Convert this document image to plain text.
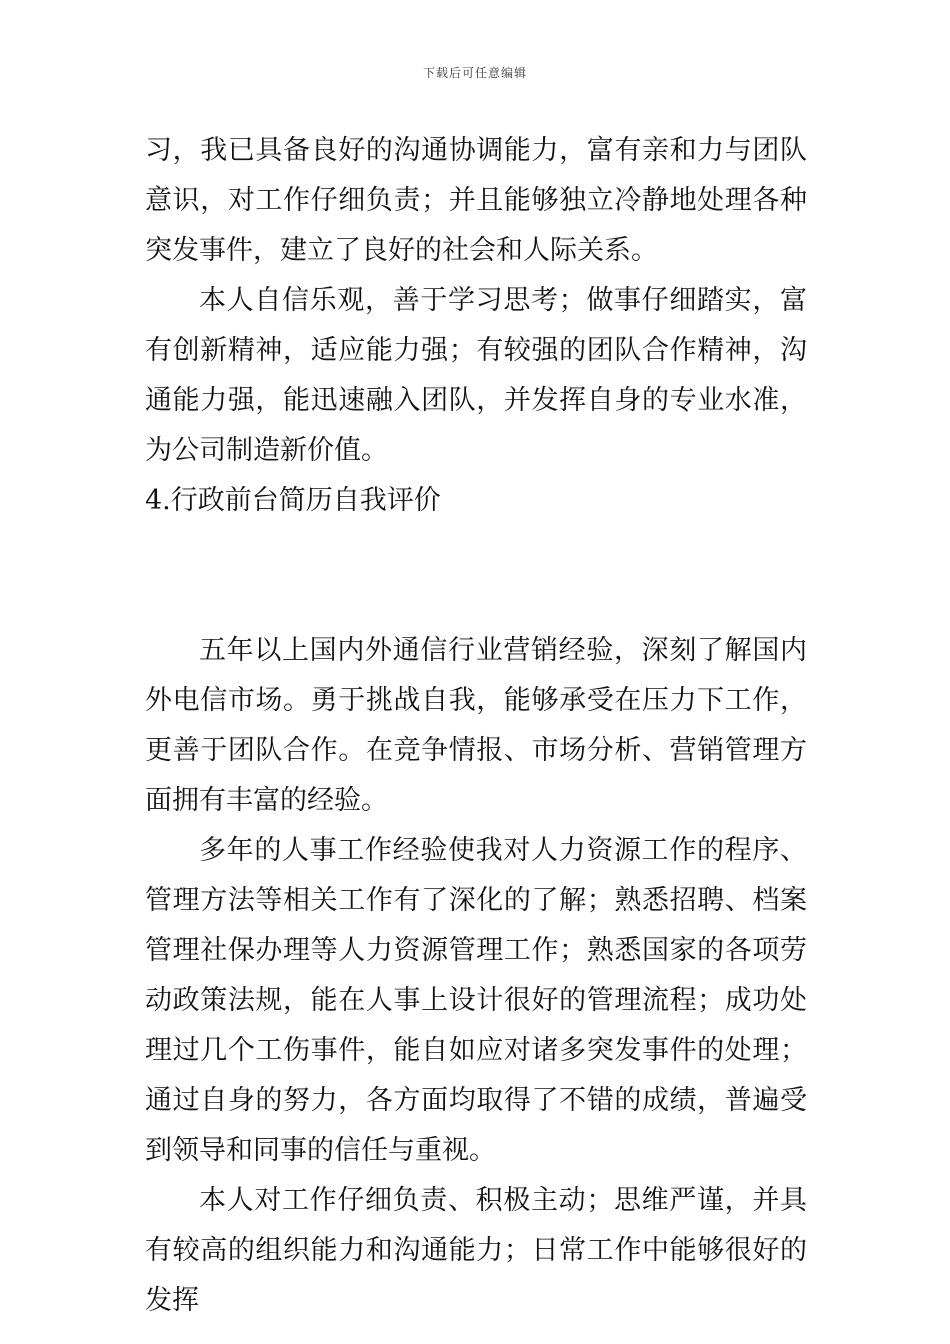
下载后可任意编辑

习，我已具备良好的沟通协调能力，富有亲和力与团队意识，对工作仔细负责；并且能够独立冷静地处理各种突发事件，建立了良好的社会和人际关系。

本人自信乐观，善于学习思考；做事仔细踏实，富有创新精神，适应能力强；有较强的团队合作精神，沟通能力强，能迅速融入团队，并发挥自身的专业水准，为公司制造新价值。

4.行政前台简历自我评价

五年以上国内外通信行业营销经验，深刻了解国内外电信市场。勇于挑战自我，能够承受在压力下工作，更善于团队合作。在竞争情报、市场分析、营销管理方面拥有丰富的经验。

多年的人事工作经验使我对人力资源工作的程序、管理方法等相关工作有了深化的了解；熟悉招聘、档案管理社保办理等人力资源管理工作；熟悉国家的各项劳动政策法规，能在人事上设计很好的管理流程；成功处理过几个工伤事件，能自如应对诸多突发事件的处理；通过自身的努力，各方面均取得了不错的成绩，普遍受到领导和同事的信任与重视。

本人对工作仔细负责、积极主动；思维严谨，并具有较高的组织能力和沟通能力；日常工作中能够很好的发挥
